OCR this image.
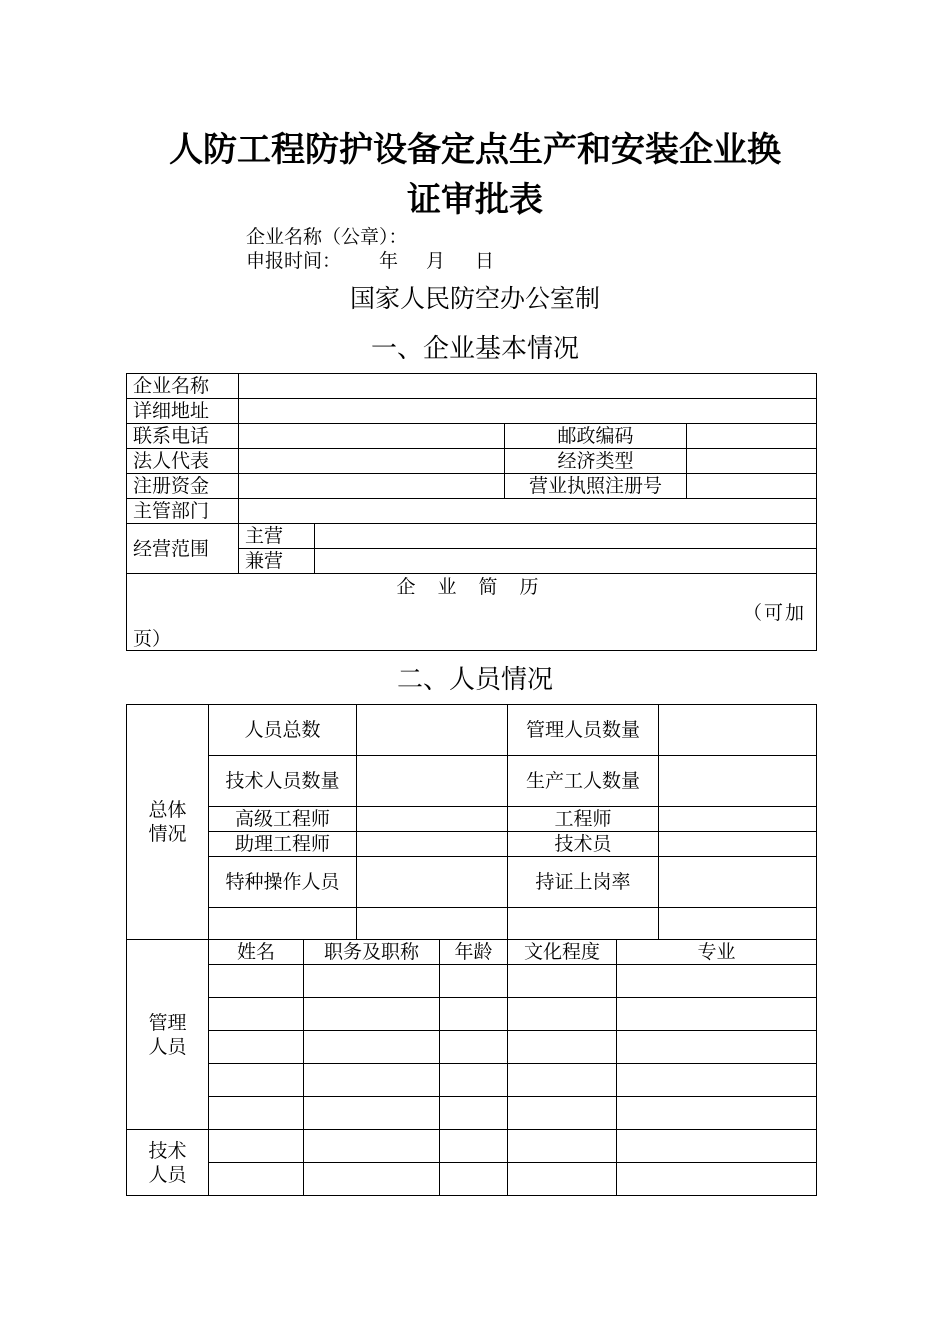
人防工程防护设备定点生产和安装企业换
证审批表
企业名称（公章）：
申报时间： 年 月 日
国家人民防空办公室制
一、企业基本情况
企业名称				
详细地址				
联系电话			邮政编码	
法人代表			经济类型	
注册资金			营业执照注册号	
主管部门				
经营范围	主营			
	兼营			

企 业 简 历
（可加
页）				
二、人员情况
总体情况	人员总数				管理人员数量		
	技术人员数量				生产工人数量		
	高级工程师				工程师		
	助理工程师				技术员		
	特种操作人员				持证上岗率		

管理人员	姓名	职务及职称		年龄	文化程度	专业	

技术人员							
